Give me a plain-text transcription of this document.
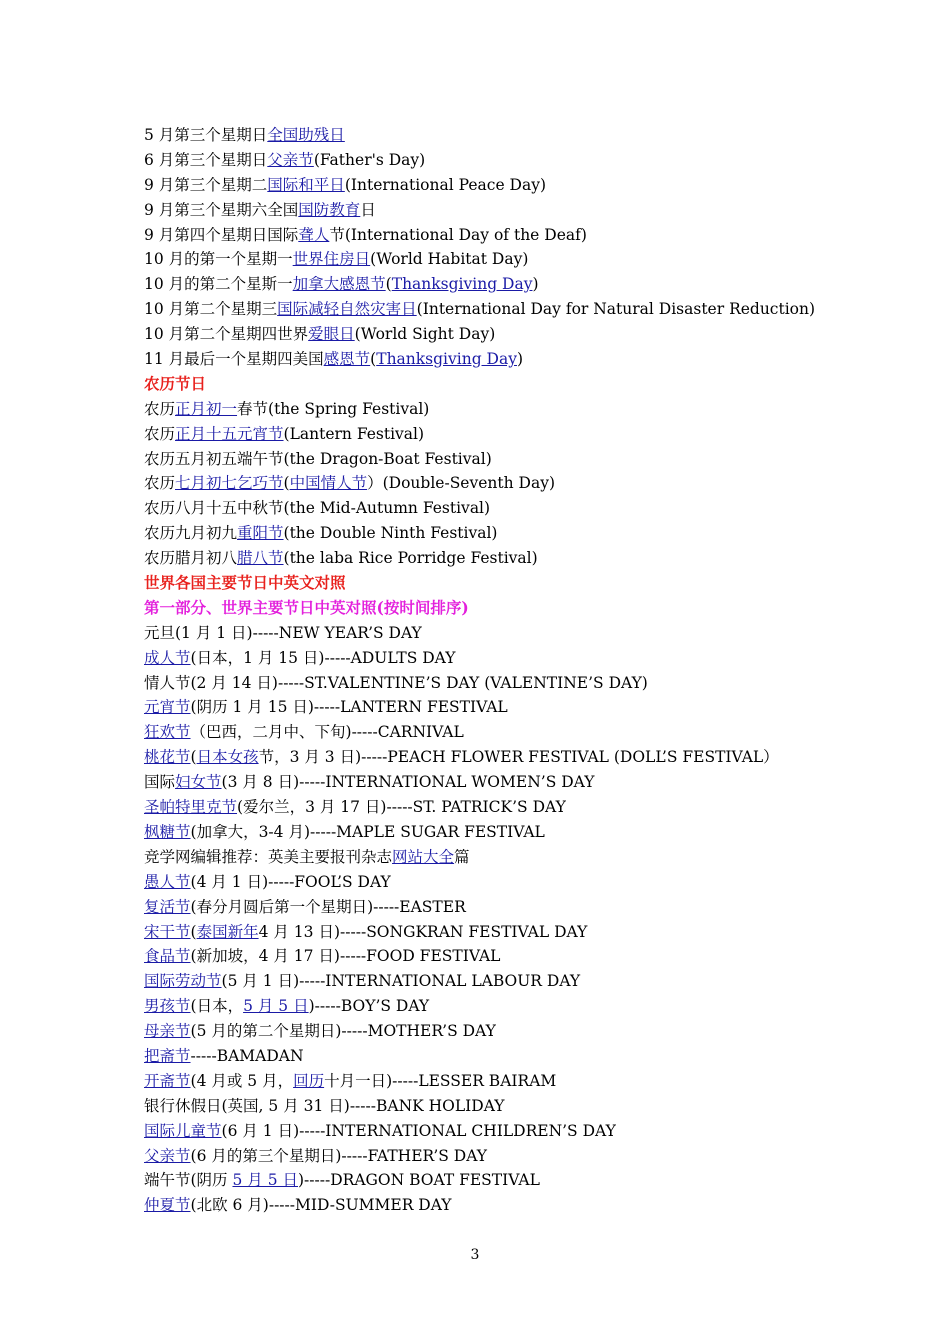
5 月第三个星期日全国助残日
6 月第三个星期日父亲节(Father's Day)
9 月第三个星期二国际和平日(International Peace Day)
9 月第三个星期六全国国防教育日
9 月第四个星期日国际聋人节(International Day of the Deaf)
10 月的第一个星期一世界住房日(World Habitat Day)
10 月的第二个星斯一加拿大感恩节(Thanksgiving Day)
10 月第二个星期三国际减轻自然灾害日(International Day for Natural Disaster Reduction)
10 月第二个星期四世界爱眼日(World Sight Day)
11 月最后一个星期四美国感恩节(Thanksgiving Day)
农历节日
农历正月初一春节(the Spring Festival)
农历正月十五元宵节(Lantern Festival)
农历五月初五端午节(the Dragon-Boat Festival)
农历七月初七乞巧节(中国情人节）(Double-Seventh Day)
农历八月十五中秋节(the Mid-Autumn Festival)
农历九月初九重阳节(the Double Ninth Festival)
农历腊月初八腊八节(the laba Rice Porridge Festival)
世界各国主要节日中英文对照
第一部分、世界主要节日中英对照(按时间排序)
元旦(1 月 1 日)-----NEW YEAR’S DAY
成人节(日本，1 月 15 日)-----ADULTS DAY
情人节(2 月 14 日)-----ST.VALENTINE’S DAY (VALENTINE’S DAY)
元宵节(阴历 1 月 15 日)-----LANTERN FESTIVAL
狂欢节（巴西，二月中、下旬)-----CARNIVAL
桃花节(日本女孩节，3 月 3 日)-----PEACH FLOWER FESTIVAL (DOLL’S FESTIVAL）
国际妇女节(3 月 8 日)-----INTERNATIONAL WOMEN’S DAY
圣帕特里克节(爱尔兰，3 月 17 日)-----ST. PATRICK’S DAY
枫糖节(加拿大，3-4 月)-----MAPLE SUGAR FESTIVAL
竞学网编辑推荐：英美主要报刊杂志网站大全篇
愚人节(4 月 1 日)-----FOOL’S DAY
复活节(春分月圆后第一个星期日)-----EASTER
宋干节(泰国新年4 月 13 日)-----SONGKRAN FESTIVAL DAY
食品节(新加坡，4 月 17 日)-----FOOD FESTIVAL
国际劳动节(5 月 1 日)-----INTERNATIONAL LABOUR DAY
男孩节(日本，5 月 5 日)-----BOY’S DAY
母亲节(5 月的第二个星期日)-----MOTHER’S DAY
把斋节-----BAMADAN
开斋节(4 月或 5 月，回历十月一日)-----LESSER BAIRAM
银行休假日(英国, 5 月 31 日)-----BANK HOLIDAY
国际儿童节(6 月 1 日)-----INTERNATIONAL CHILDREN’S DAY
父亲节(6 月的第三个星期日)-----FATHER’S DAY
端午节(阴历 5 月 5 日)-----DRAGON BOAT FESTIVAL
仲夏节(北欧 6 月)-----MID-SUMMER DAY
3
